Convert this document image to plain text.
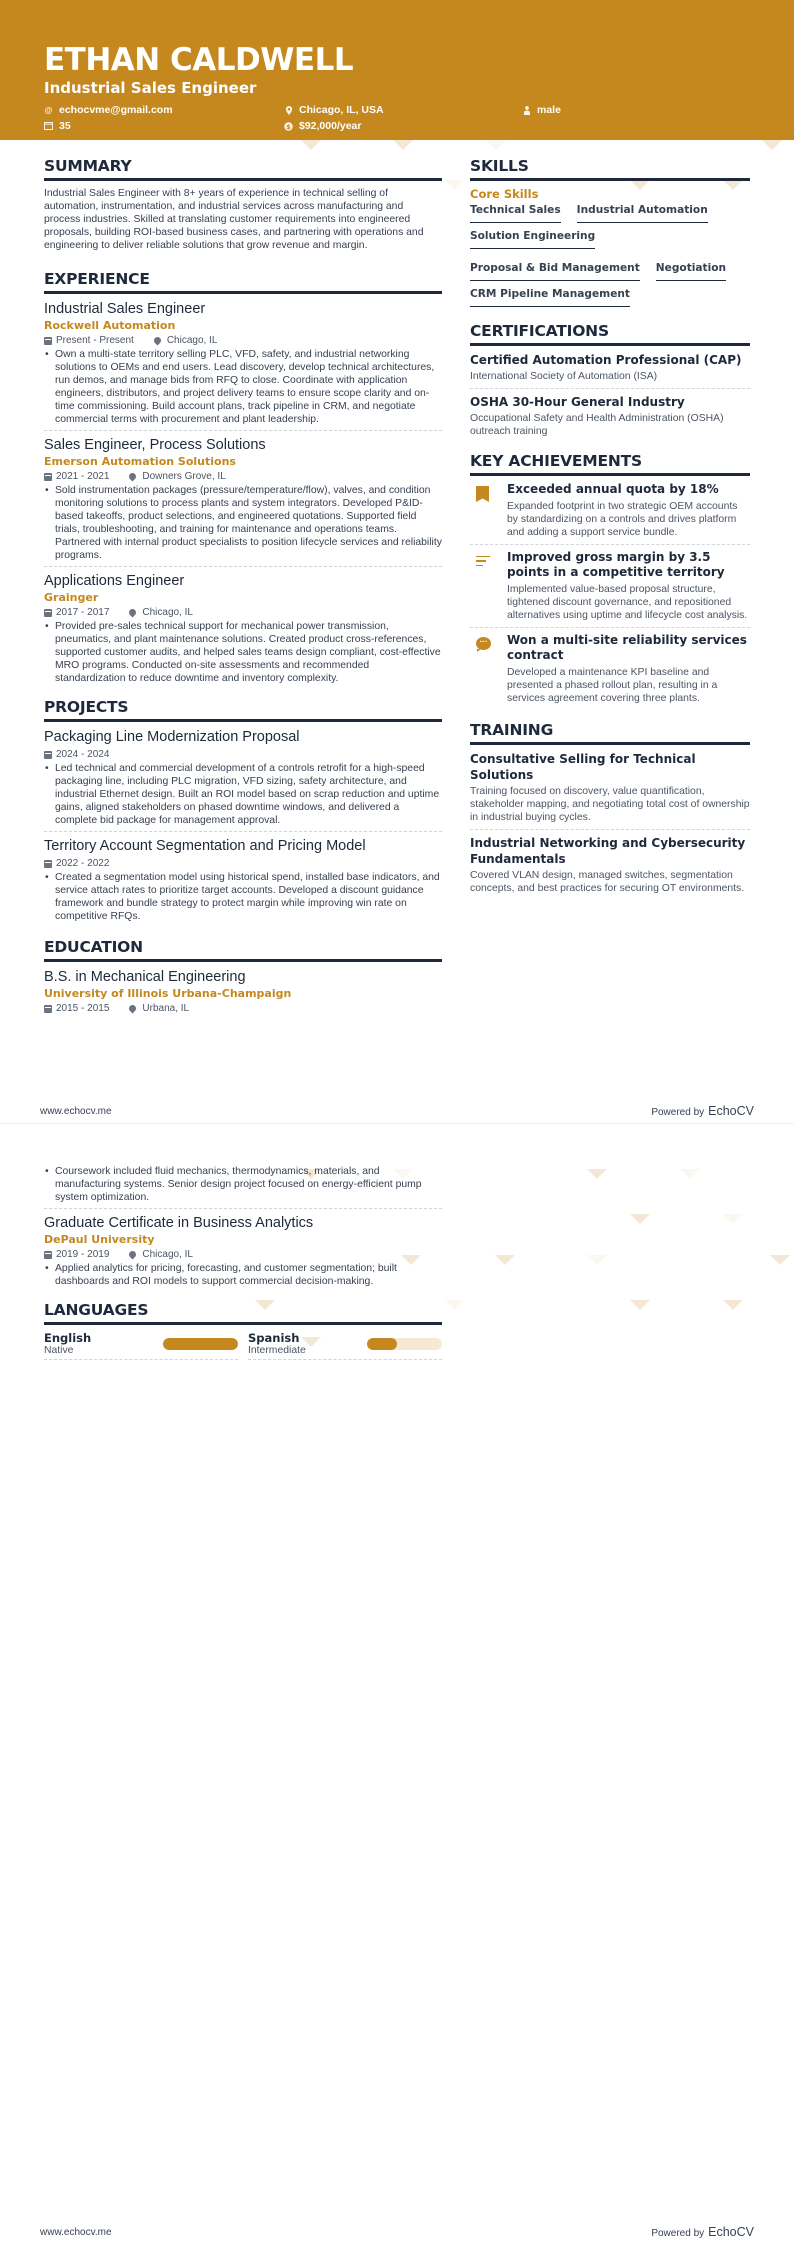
ETHAN CALDWELL
Industrial Sales Engineer
@ echocvme@gmail.com	Chicago, IL, USA	male
35	$ $92,000/year
SUMMARY

Industrial Sales Engineer with 8+ years of experience in technical selling of automation, instrumentation, and industrial services across manufacturing and process industries. Skilled at translating customer requirements into engineered proposals, building ROI-based business cases, and partnering with operations and engineering to deliver reliable solutions that grow revenue and margin.

EXPERIENCE
Industrial Sales Engineer
Rockwell Automation
Present - Present	Chicago, IL
• Own a multi-state territory selling PLC, VFD, safety, and industrial networking solutions to OEMs and end users. Lead discovery, develop technical architectures, run demos, and manage bids from RFQ to close. Coordinate with application engineers, distributors, and project delivery teams to ensure scope clarity and on-time commissioning. Build account plans, track pipeline in CRM, and negotiate commercial terms with procurement and plant leadership.
Sales Engineer, Process Solutions
Emerson Automation Solutions
2021 - 2021	Downers Grove, IL
• Sold instrumentation packages (pressure/temperature/flow), valves, and condition monitoring solutions to process plants and system integrators. Developed P&ID-based takeoffs, product selections, and engineered quotations. Supported field trials, troubleshooting, and training for maintenance and operations teams. Partnered with internal product specialists to position lifecycle services and reliability programs.
Applications Engineer
Grainger
2017 - 2017	Chicago, IL
• Provided pre-sales technical support for mechanical power transmission, pneumatics, and plant maintenance solutions. Created product cross-references, supported customer audits, and helped sales teams design compliant, cost-effective MRO programs. Conducted on-site assessments and recommended standardization to reduce downtime and inventory complexity.
PROJECTS
Packaging Line Modernization Proposal
2024 - 2024
• Led technical and commercial development of a controls retrofit for a high-speed packaging line, including PLC migration, VFD sizing, safety architecture, and industrial Ethernet design. Built an ROI model based on scrap reduction and uptime gains, aligned stakeholders on phased downtime windows, and delivered a complete bid package for management approval.
Territory Account Segmentation and Pricing Model
2022 - 2022
• Created a segmentation model using historical spend, installed base indicators, and service attach rates to prioritize target accounts. Developed a discount guidance framework and bundle strategy to protect margin while improving win rate on competitive RFQs.
EDUCATION
B.S. in Mechanical Engineering
University of Illinois Urbana-Champaign
2015 - 2015	Urbana, IL
SKILLS
Core Skills
Technical Sales Industrial Automation
Solution Engineering
Proposal & Bid Management Negotiation
CRM Pipeline Management
CERTIFICATIONS
Certified Automation Professional (CAP)
International Society of Automation (ISA)
OSHA 30-Hour General Industry
Occupational Safety and Health Administration (OSHA) outreach training
KEY ACHIEVEMENTS
Exceeded annual quota by 18%
Expanded footprint in two strategic OEM accounts by standardizing on a controls and drives platform and adding a support service bundle.
Improved gross margin by 3.5 points in a competitive territory
Implemented value-based proposal structure, tightened discount governance, and repositioned alternatives using uptime and lifecycle cost analysis.
··· Won a multi-site reliability services contract
Developed a maintenance KPI baseline and presented a phased rollout plan, resulting in a services agreement covering three plants.
TRAINING
Consultative Selling for Technical Solutions
Training focused on discovery, value quantification, stakeholder mapping, and negotiating total cost of ownership in industrial buying cycles.
Industrial Networking and Cybersecurity Fundamentals
Covered VLAN design, managed switches, segmentation concepts, and best practices for securing OT environments.
www.echocv.me	Powered by EchoCV
• Coursework included fluid mechanics, thermodynamics, materials, and manufacturing systems. Senior design project focused on energy-efficient pump system optimization.
Graduate Certificate in Business Analytics
DePaul University
2019 - 2019	Chicago, IL
• Applied analytics for pricing, forecasting, and customer segmentation; built dashboards and ROI models to support commercial decision-making.
LANGUAGES
English
Native
Spanish
Intermediate
www.echocv.me	Powered by EchoCV
